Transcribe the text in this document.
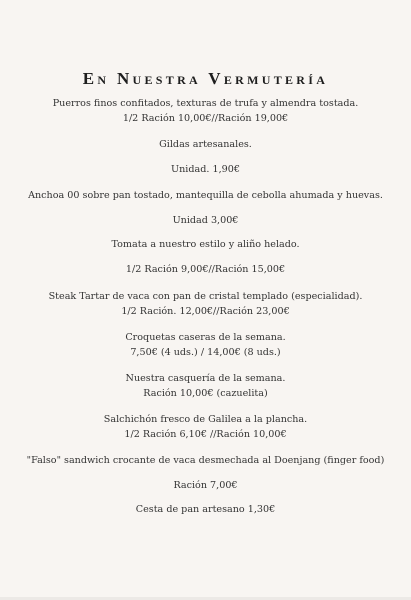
En Nuestra Vermutería
Puerros finos confitados, texturas de trufa y almendra tostada.
1/2 Ración 10,00€//Ración 19,00€
Gildas artesanales.
Unidad. 1,90€
Anchoa 00 sobre pan tostado, mantequilla de cebolla ahumada y huevas.
Unidad 3,00€
Tomata a nuestro estilo y aliño helado.
1/2 Ración 9,00€//Ración 15,00€
Steak Tartar de vaca con pan de cristal templado (especialidad).
1/2 Ración. 12,00€//Ración 23,00€
Croquetas caseras de la semana.
7,50€ (4 uds.) / 14,00€ (8 uds.)
Nuestra casquería de la semana.
Ración 10,00€ (cazuelita)
Salchichón fresco de Galilea a la plancha.
1/2 Ración 6,10€ //Ración 10,00€
"Falso" sandwich crocante de vaca desmechada al Doenjang (finger food)
Ración 7,00€
Cesta de pan artesano 1,30€
